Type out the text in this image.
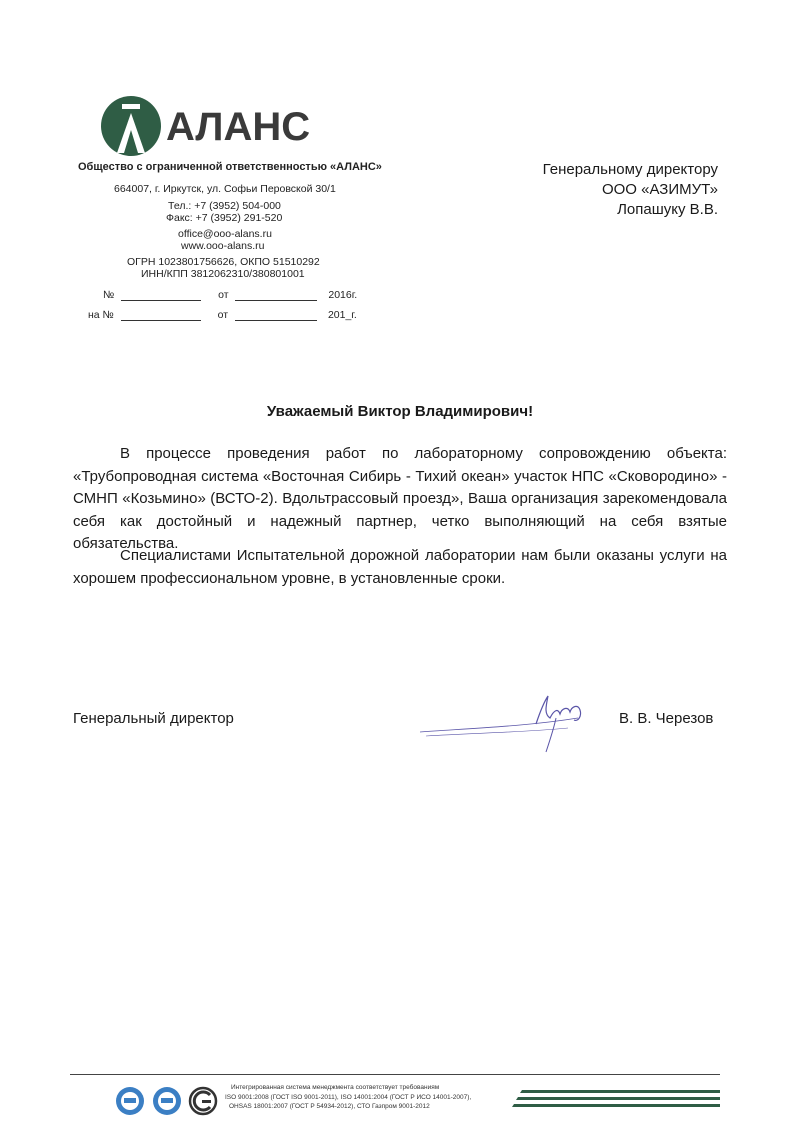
АЛАНС
Общество с ограниченной ответственностью «АЛАНС»
664007, г. Иркутск, ул. Софьи Перовской 30/1
Тел.: +7 (3952) 504-000
Факс: +7 (3952) 291-520
office@ooo-alans.ru
www.ooo-alans.ru
ОГРН 1023801756626, ОКПО 51510292
ИНН/КПП 3812062310/380801001
№	от	2016г.
на №	от	201_г.
Генеральному директору
ООО «АЗИМУТ»
Лопашуку В.В.
Уважаемый Виктор Владимирович!
В процессе проведения работ по лабораторному сопровождению объекта: «Трубопроводная система «Восточная Сибирь - Тихий океан» участок НПС «Сковородино» - СМНП «Козьмино» (ВСТО-2). Вдольтрассовый проезд», Ваша организация зарекомендовала себя как достойный и надежный партнер, четко выполняющий на себя взятые обязательства.
Специалистами Испытательной дорожной лаборатории нам были оказаны услуги на хорошем профессиональном уровне, в установленные сроки.
Генеральный директор	В. В. Черезов
Интегрированная система менеджмента соответствует требованиям
ISO 9001:2008 (ГОСТ ISO 9001-2011), ISO 14001:2004 (ГОСТ Р ИСО 14001-2007),
OHSAS 18001:2007 (ГОСТ Р 54934-2012), СТО Газпром 9001-2012
